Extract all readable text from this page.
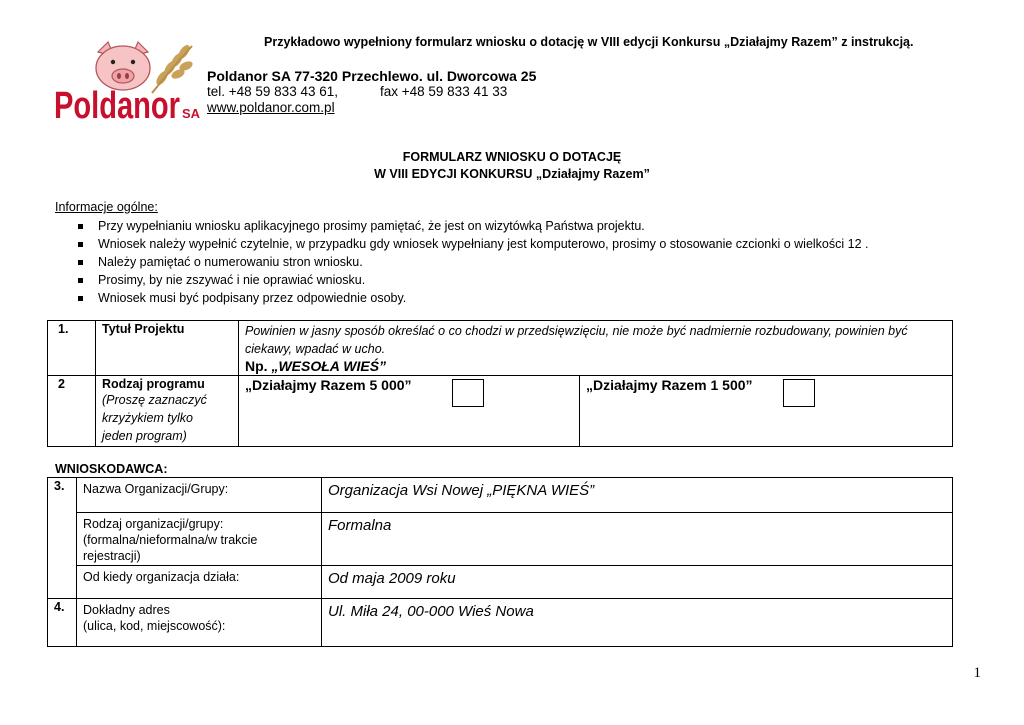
Przykładowo wypełniony formularz wniosku o dotację w VIII edycji Konkursu „Działajmy Razem” z instrukcją.
Poldanor SA
Poldanor SA 77-320 Przechlewo. ul. Dworcowa 25
tel. +48 59 833 43 61,	fax +48 59 833 41 33
www.poldanor.com.pl
FORMULARZ WNIOSKU O DOTACJĘ
W VIII EDYCJI KONKURSU „Działajmy Razem”
Informacje ogólne:
Przy wypełnianiu wniosku aplikacyjnego prosimy pamiętać, że jest on wizytówką Państwa projektu.
Wniosek należy wypełnić czytelnie, w przypadku gdy wniosek wypełniany jest komputerowo, prosimy o stosowanie czcionki o wielkości 12 .
Należy pamiętać o numerowaniu stron wniosku.
Prosimy, by nie zszywać i nie oprawiać wniosku.
Wniosek musi być podpisany przez odpowiednie osoby.
1.	Tytuł Projektu	Powinien w jasny sposób określać o co chodzi w przedsięwzięciu, nie może być nadmiernie rozbudowany, powinien być ciekawy, wpadać w ucho.
Np. „WESOŁA WIEŚ”	

2	Rodzaj programu
(Proszę zaznaczyć
krzyżykiem tylko
jeden program)	„Działajmy Razem 5 000”	„Działajmy Razem 1 500”
WNIOSKODAWCA:
3.	Nazwa Organizacji/Grupy:	Organizacja Wsi Nowej „PIĘKNA WIEŚ”

	Rodzaj organizacji/grupy:
(formalna/nieformalna/w trakcie rejestracji)	Formalna
	Od kiedy organizacja działa:	Od maja 2009 roku
4.	Dokładny adres
(ulica, kod, miejscowość):	Ul. Miła 24, 00-000 Wieś Nowa
1
